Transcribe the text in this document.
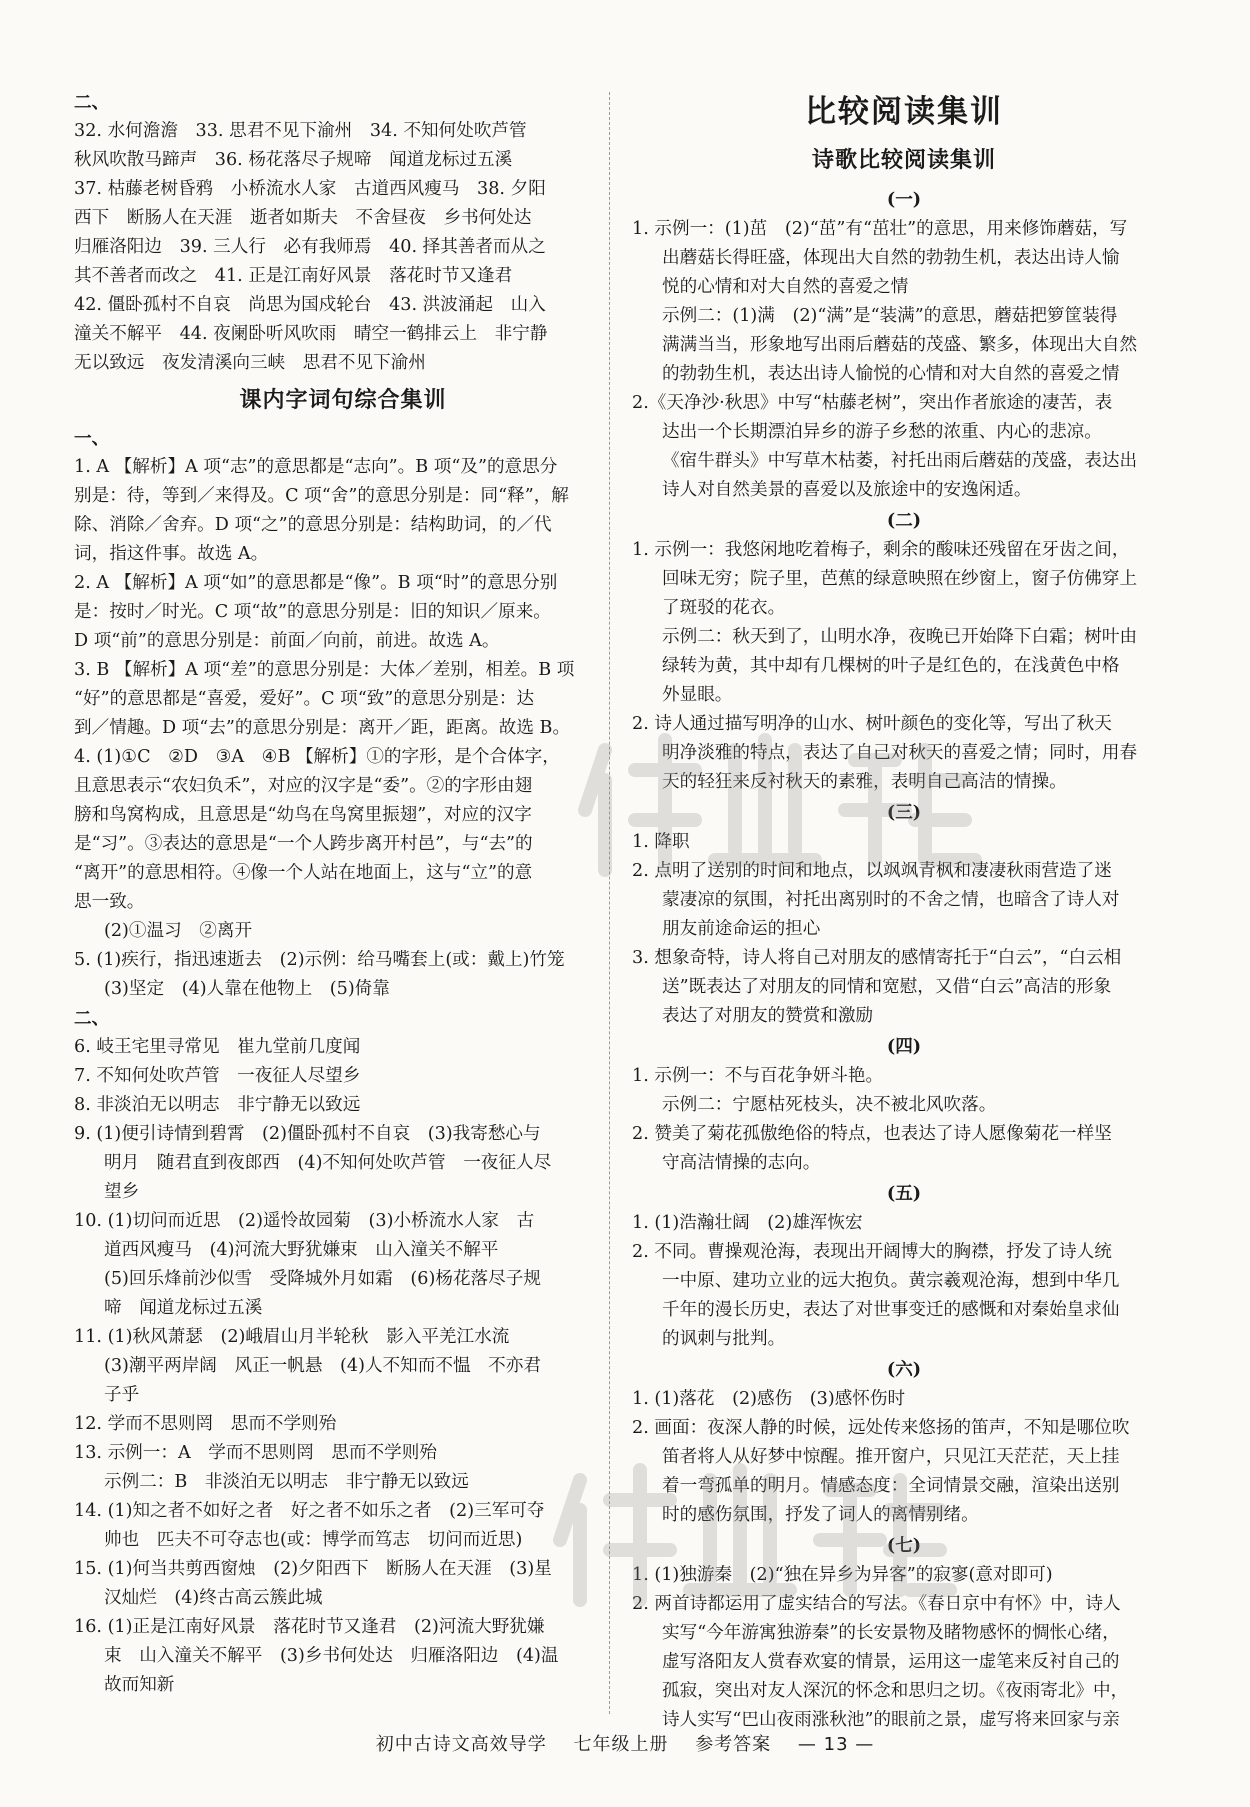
二、
32. 水何澹澹　33. 思君不见下渝州　34. 不知何处吹芦管
秋风吹散马蹄声　36. 杨花落尽子规啼　闻道龙标过五溪
37. 枯藤老树昏鸦　小桥流水人家　古道西风瘦马　38. 夕阳
西下　断肠人在天涯　逝者如斯夫　不舍昼夜　乡书何处达
归雁洛阳边　39. 三人行　必有我师焉　40. 择其善者而从之
其不善者而改之　41. 正是江南好风景　落花时节又逢君
42. 僵卧孤村不自哀　尚思为国戍轮台　43. 洪波涌起　山入
潼关不解平　44. 夜阑卧听风吹雨　晴空一鹤排云上　非宁静
无以致远　夜发清溪向三峡　思君不见下渝州
课内字词句综合集训
一、
1. A 【解析】A 项“志”的意思都是“志向”。B 项“及”的意思分
别是：待，等到／来得及。C 项“舍”的意思分别是：同“释”，解
除、消除／舍弃。D 项“之”的意思分别是：结构助词，的／代
词，指这件事。故选 A。
2. A 【解析】A 项“如”的意思都是“像”。B 项“时”的意思分别
是：按时／时光。C 项“故”的意思分别是：旧的知识／原来。
D 项“前”的意思分别是：前面／向前，前进。故选 A。
3. B 【解析】A 项“差”的意思分别是：大体／差别，相差。B 项
“好”的意思都是“喜爱，爱好”。C 项“致”的意思分别是：达
到／情趣。D 项“去”的意思分别是：离开／距，距离。故选 B。
4. (1)①C　②D　③A　④B 【解析】①的字形，是个合体字，
且意思表示“农妇负禾”，对应的汉字是“委”。②的字形由翅
膀和鸟窝构成，且意思是“幼鸟在鸟窝里振翅”，对应的汉字
是“习”。③表达的意思是“一个人跨步离开村邑”，与“去”的
“离开”的意思相符。④像一个人站在地面上，这与“立”的意
思一致。
(2)①温习　②离开
5. (1)疾行，指迅速逝去　(2)示例：给马嘴套上(或：戴上)竹笼
(3)坚定　(4)人靠在他物上　(5)倚靠
二、
6. 岐王宅里寻常见　崔九堂前几度闻
7. 不知何处吹芦管　一夜征人尽望乡
8. 非淡泊无以明志　非宁静无以致远
9. (1)便引诗情到碧霄　(2)僵卧孤村不自哀　(3)我寄愁心与
明月　随君直到夜郎西　(4)不知何处吹芦管　一夜征人尽
望乡
10. (1)切问而近思　(2)遥怜故园菊　(3)小桥流水人家　古
道西风瘦马　(4)河流大野犹嫌束　山入潼关不解平
(5)回乐烽前沙似雪　受降城外月如霜　(6)杨花落尽子规
啼　闻道龙标过五溪
11. (1)秋风萧瑟　(2)峨眉山月半轮秋　影入平羌江水流
(3)潮平两岸阔　风正一帆悬　(4)人不知而不愠　不亦君
子乎
12. 学而不思则罔　思而不学则殆
13. 示例一：A　学而不思则罔　思而不学则殆
示例二：B　非淡泊无以明志　非宁静无以致远
14. (1)知之者不如好之者　好之者不如乐之者　(2)三军可夺
帅也　匹夫不可夺志也(或：博学而笃志　切问而近思)
15. (1)何当共剪西窗烛　(2)夕阳西下　断肠人在天涯　(3)星
汉灿烂　(4)终古高云簇此城
16. (1)正是江南好风景　落花时节又逢君　(2)河流大野犹嫌
束　山入潼关不解平　(3)乡书何处达　归雁洛阳边　(4)温
故而知新
比较阅读集训
诗歌比较阅读集训
(一)
1. 示例一：(1)茁　(2)“茁”有“茁壮”的意思，用来修饰蘑菇，写
出蘑菇长得旺盛，体现出大自然的勃勃生机，表达出诗人愉
悦的心情和对大自然的喜爱之情
示例二：(1)满　(2)“满”是“装满”的意思，蘑菇把箩筐装得
满满当当，形象地写出雨后蘑菇的茂盛、繁多，体现出大自然
的勃勃生机，表达出诗人愉悦的心情和对大自然的喜爱之情
2.《天净沙·秋思》中写“枯藤老树”，突出作者旅途的凄苦，表
达出一个长期漂泊异乡的游子乡愁的浓重、内心的悲凉。
《宿牛群头》中写草木枯萎，衬托出雨后蘑菇的茂盛，表达出
诗人对自然美景的喜爱以及旅途中的安逸闲适。
(二)
1. 示例一：我悠闲地吃着梅子，剩余的酸味还残留在牙齿之间，
回味无穷；院子里，芭蕉的绿意映照在纱窗上，窗子仿佛穿上
了斑驳的花衣。
示例二：秋天到了，山明水净，夜晚已开始降下白霜；树叶由
绿转为黄，其中却有几棵树的叶子是红色的，在浅黄色中格
外显眼。
2. 诗人通过描写明净的山水、树叶颜色的变化等，写出了秋天
明净淡雅的特点，表达了自己对秋天的喜爱之情；同时，用春
天的轻狂来反衬秋天的素雅，表明自己高洁的情操。
(三)
1. 降职
2. 点明了送别的时间和地点，以飒飒青枫和凄凄秋雨营造了迷
蒙凄凉的氛围，衬托出离别时的不舍之情，也暗含了诗人对
朋友前途命运的担心
3. 想象奇特，诗人将自己对朋友的感情寄托于“白云”，“白云相
送”既表达了对朋友的同情和宽慰，又借“白云”高洁的形象
表达了对朋友的赞赏和激励
(四)
1. 示例一：不与百花争妍斗艳。
示例二：宁愿枯死枝头，决不被北风吹落。
2. 赞美了菊花孤傲绝俗的特点，也表达了诗人愿像菊花一样坚
守高洁情操的志向。
(五)
1. (1)浩瀚壮阔　(2)雄浑恢宏
2. 不同。曹操观沧海，表现出开阔博大的胸襟，抒发了诗人统
一中原、建功立业的远大抱负。黄宗羲观沧海，想到中华几
千年的漫长历史，表达了对世事变迁的感慨和对秦始皇求仙
的讽刺与批判。
(六)
1. (1)落花　(2)感伤　(3)感怀伤时
2. 画面：夜深人静的时候，远处传来悠扬的笛声，不知是哪位吹
笛者将人从好梦中惊醒。推开窗户，只见江天茫茫，天上挂
着一弯孤单的明月。情感态度：全词情景交融，渲染出送别
时的感伤氛围，抒发了词人的离情别绪。
(七)
1. (1)独游秦　(2)“独在异乡为异客”的寂寥(意对即可)
2. 两首诗都运用了虚实结合的写法。《春日京中有怀》中，诗人
实写“今年游寓独游秦”的长安景物及睹物感怀的惆怅心绪，
虚写洛阳友人赏春欢宴的情景，运用这一虚笔来反衬自己的
孤寂，突出对友人深沉的怀念和思归之切。《夜雨寄北》中，
诗人实写“巴山夜雨涨秋池”的眼前之景，虚写将来回家与亲
初中古诗文高效导学 七年级上册 参考答案 — 13 —
